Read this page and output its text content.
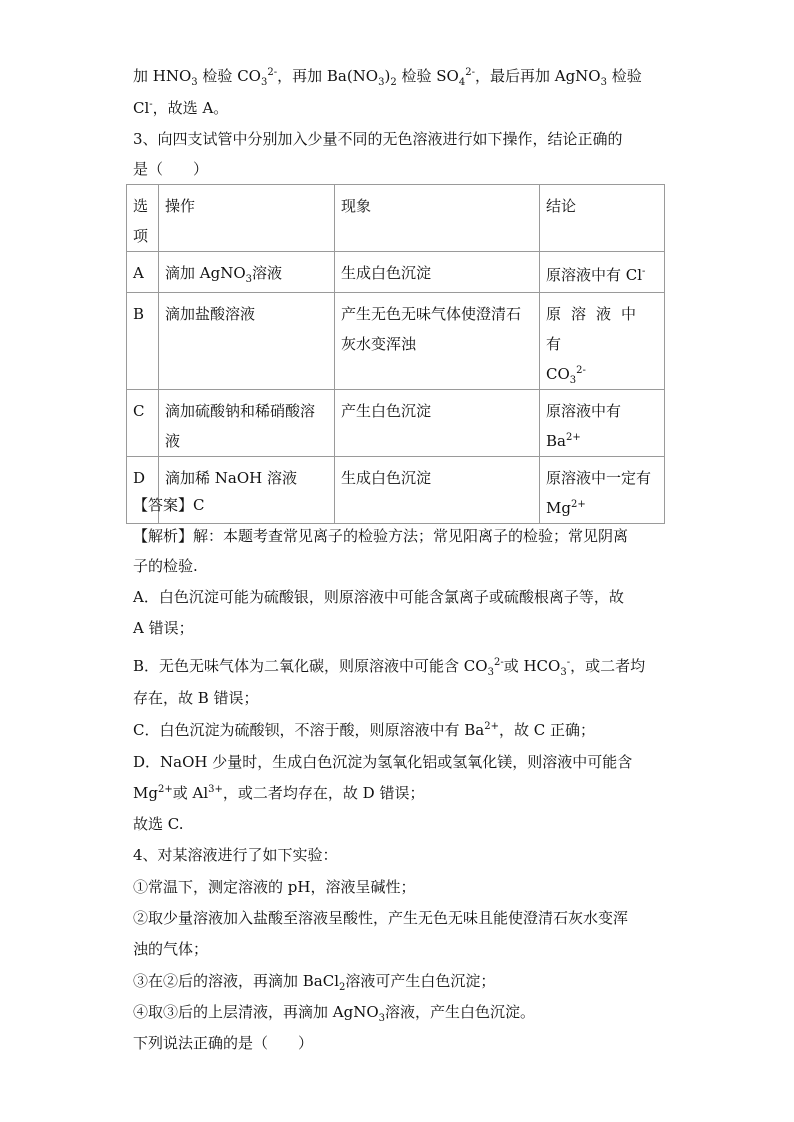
加 $HNO_3$ 检验 $CO_3^{2-}$，再加 $Ba(NO_3)_2$ 检验 $SO_4^{2-}$，最后再加 AgNO$_3$ 检验
Cl-，故选 A。
3、向四支试管中分别加入少量不同的无色溶液进行如下操作，结论正确的
是（　　）
选项	操作	现象	结论
A	滴加 AgNO$_3$溶液	生成白色沉淀	原溶液中有 Cl-
B	滴加盐酸溶液	产生无色无味气体使澄清石灰水变浑浊	原溶液中有
$CO_3^{2-}$

C	滴加硫酸钠和稀硝酸溶液	产生白色沉淀	原溶液中有 $Ba^{2+}$
D	滴加稀 NaOH 溶液	生成白色沉淀	原溶液中一定有
$Mg^{2+}$
【答案】C
【解析】解：本题考查常见离子的检验方法；常见阳离子的检验；常见阴离
子的检验.
A．白色沉淀可能为硫酸银，则原溶液中可能含氯离子或硫酸根离子等，故
A 错误；
B．无色无味气体为二氧化碳，则原溶液中可能含 $CO_3^{2-}$或 $HCO_3^-$，或二者均
存在，故 B 错误；
C．白色沉淀为硫酸钡，不溶于酸，则原溶液中有 $Ba^{2+}$，故 C 正确；
D．NaOH 少量时，生成白色沉淀为氢氧化铝或氢氧化镁，则溶液中可能含
$Mg^{2+}$或 $Al^{3+}$，或二者均存在，故 D 错误；
故选 C.
4、对某溶液进行了如下实验：
①常温下，测定溶液的 pH，溶液呈碱性；
②取少量溶液加入盐酸至溶液呈酸性，产生无色无味且能使澄清石灰水变浑
浊的气体；
③在②后的溶液，再滴加 BaCl$_2$溶液可产生白色沉淀；
④取③后的上层清液，再滴加 AgNO$_3$溶液，产生白色沉淀。
下列说法正确的是（　　）
